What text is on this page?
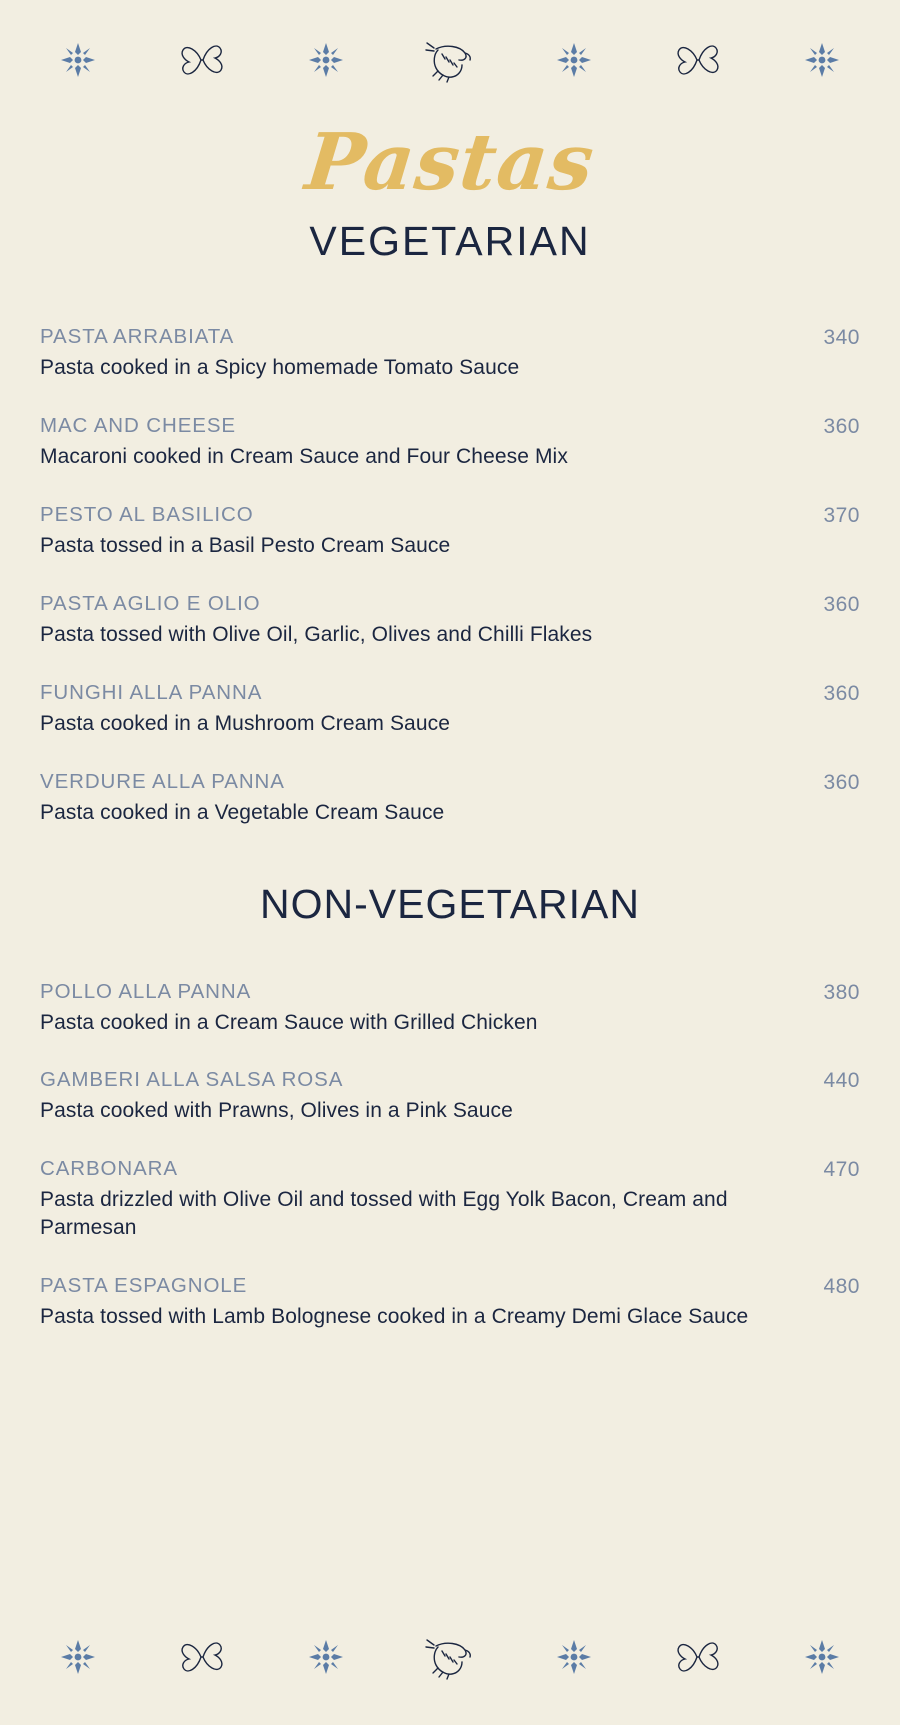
Pastas
VEGETARIAN
PASTA ARRABIATA
Pasta cooked in a Spicy homemade Tomato Sauce
340
MAC AND CHEESE
Macaroni cooked in Cream Sauce and Four Cheese Mix
360
PESTO AL BASILICO
Pasta tossed in a Basil Pesto Cream Sauce
370
PASTA AGLIO E OLIO
Pasta tossed with Olive Oil, Garlic, Olives and Chilli Flakes
360
FUNGHI ALLA PANNA
Pasta cooked in a Mushroom Cream Sauce
360
VERDURE ALLA PANNA
Pasta cooked in a Vegetable Cream Sauce
360
NON-VEGETARIAN
POLLO ALLA PANNA
Pasta cooked in a Cream Sauce with Grilled Chicken
380
GAMBERI ALLA SALSA ROSA
Pasta cooked with Prawns, Olives in a Pink Sauce
440
CARBONARA
Pasta drizzled with Olive Oil and tossed with Egg Yolk Bacon, Cream and Parmesan
470
PASTA ESPAGNOLE
Pasta tossed with Lamb Bolognese cooked in a Creamy Demi Glace Sauce
480
